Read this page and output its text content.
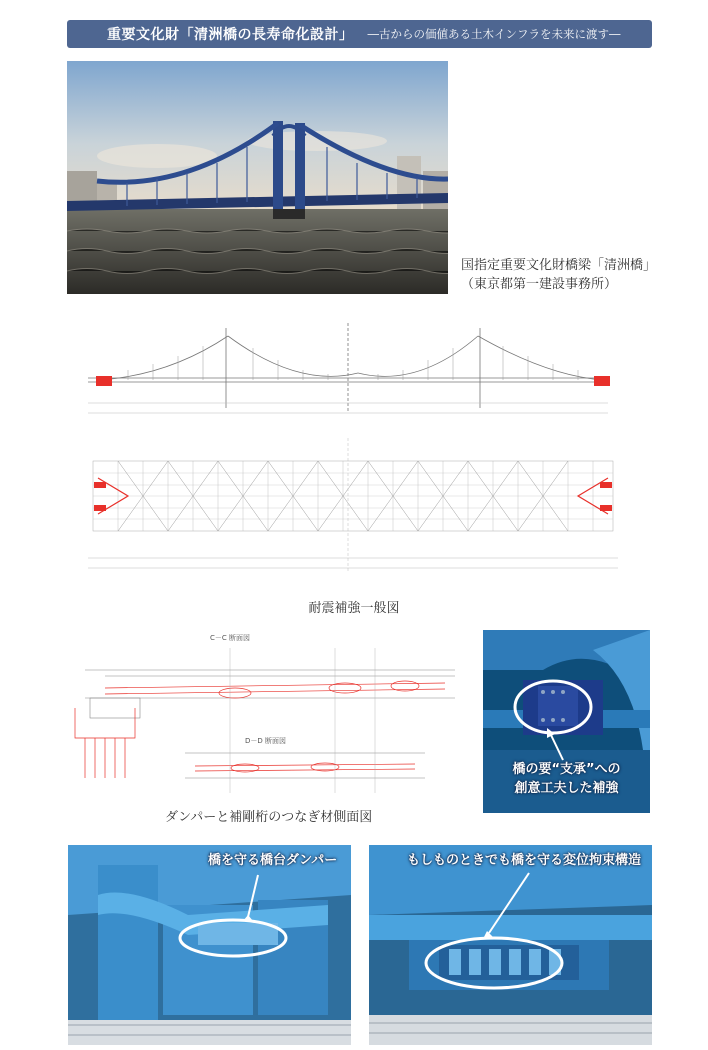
重要文化財「清洲橋の長寿命化設計」 ―古からの価値ある土木インフラを未来に渡す―
国指定重要文化財橋梁「清洲橋」
（東京都第一建設事務所）
耐震補強一般図
C－C 断面図
D－D 断面図
ダンパーと補剛桁のつなぎ材側面図
橋の要“支承”への
創意工夫した補強
橋を守る橋台ダンパー	もしものときでも橋を守る変位拘束構造
